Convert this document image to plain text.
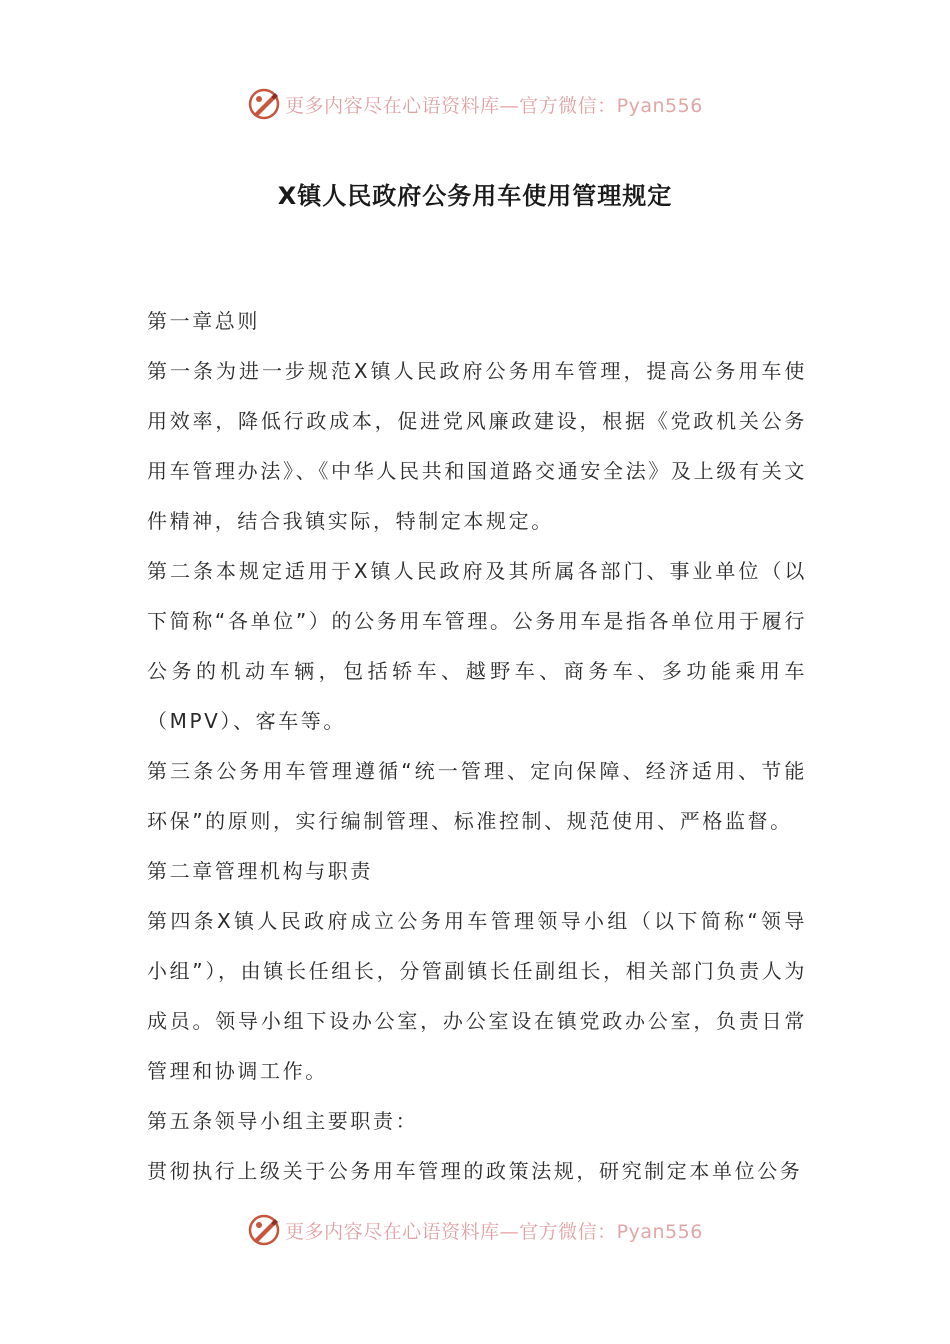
更多内容尽在心语资料库—官方微信：Pyan556
X镇人民政府公务用车使用管理规定

第一章总则

第一条为进一步规范X镇人民政府公务用车管理，提高公务用车使用效率，降低行政成本，促进党风廉政建设，根据《党政机关公务用车管理办法》、《中华人民共和国道路交通安全法》及上级有关文件精神，结合我镇实际，特制定本规定。

第二条本规定适用于X镇人民政府及其所属各部门、事业单位（以下简称“各单位”）的公务用车管理。公务用车是指各单位用于履行公务的机动车辆，包括轿车、越野车、商务车、多功能乘用车（MPV）、客车等。

第三条公务用车管理遵循“统一管理、定向保障、经济适用、节能环保”的原则，实行编制管理、标准控制、规范使用、严格监督。

第二章管理机构与职责

第四条X镇人民政府成立公务用车管理领导小组（以下简称“领导小组”），由镇长任组长，分管副镇长任副组长，相关部门负责人为成员。领导小组下设办公室，办公室设在镇党政办公室，负责日常管理和协调工作。

第五条领导小组主要职责：

贯彻执行上级关于公务用车管理的政策法规，研究制定本单位公务

更多内容尽在心语资料库—官方微信：Pyan556
